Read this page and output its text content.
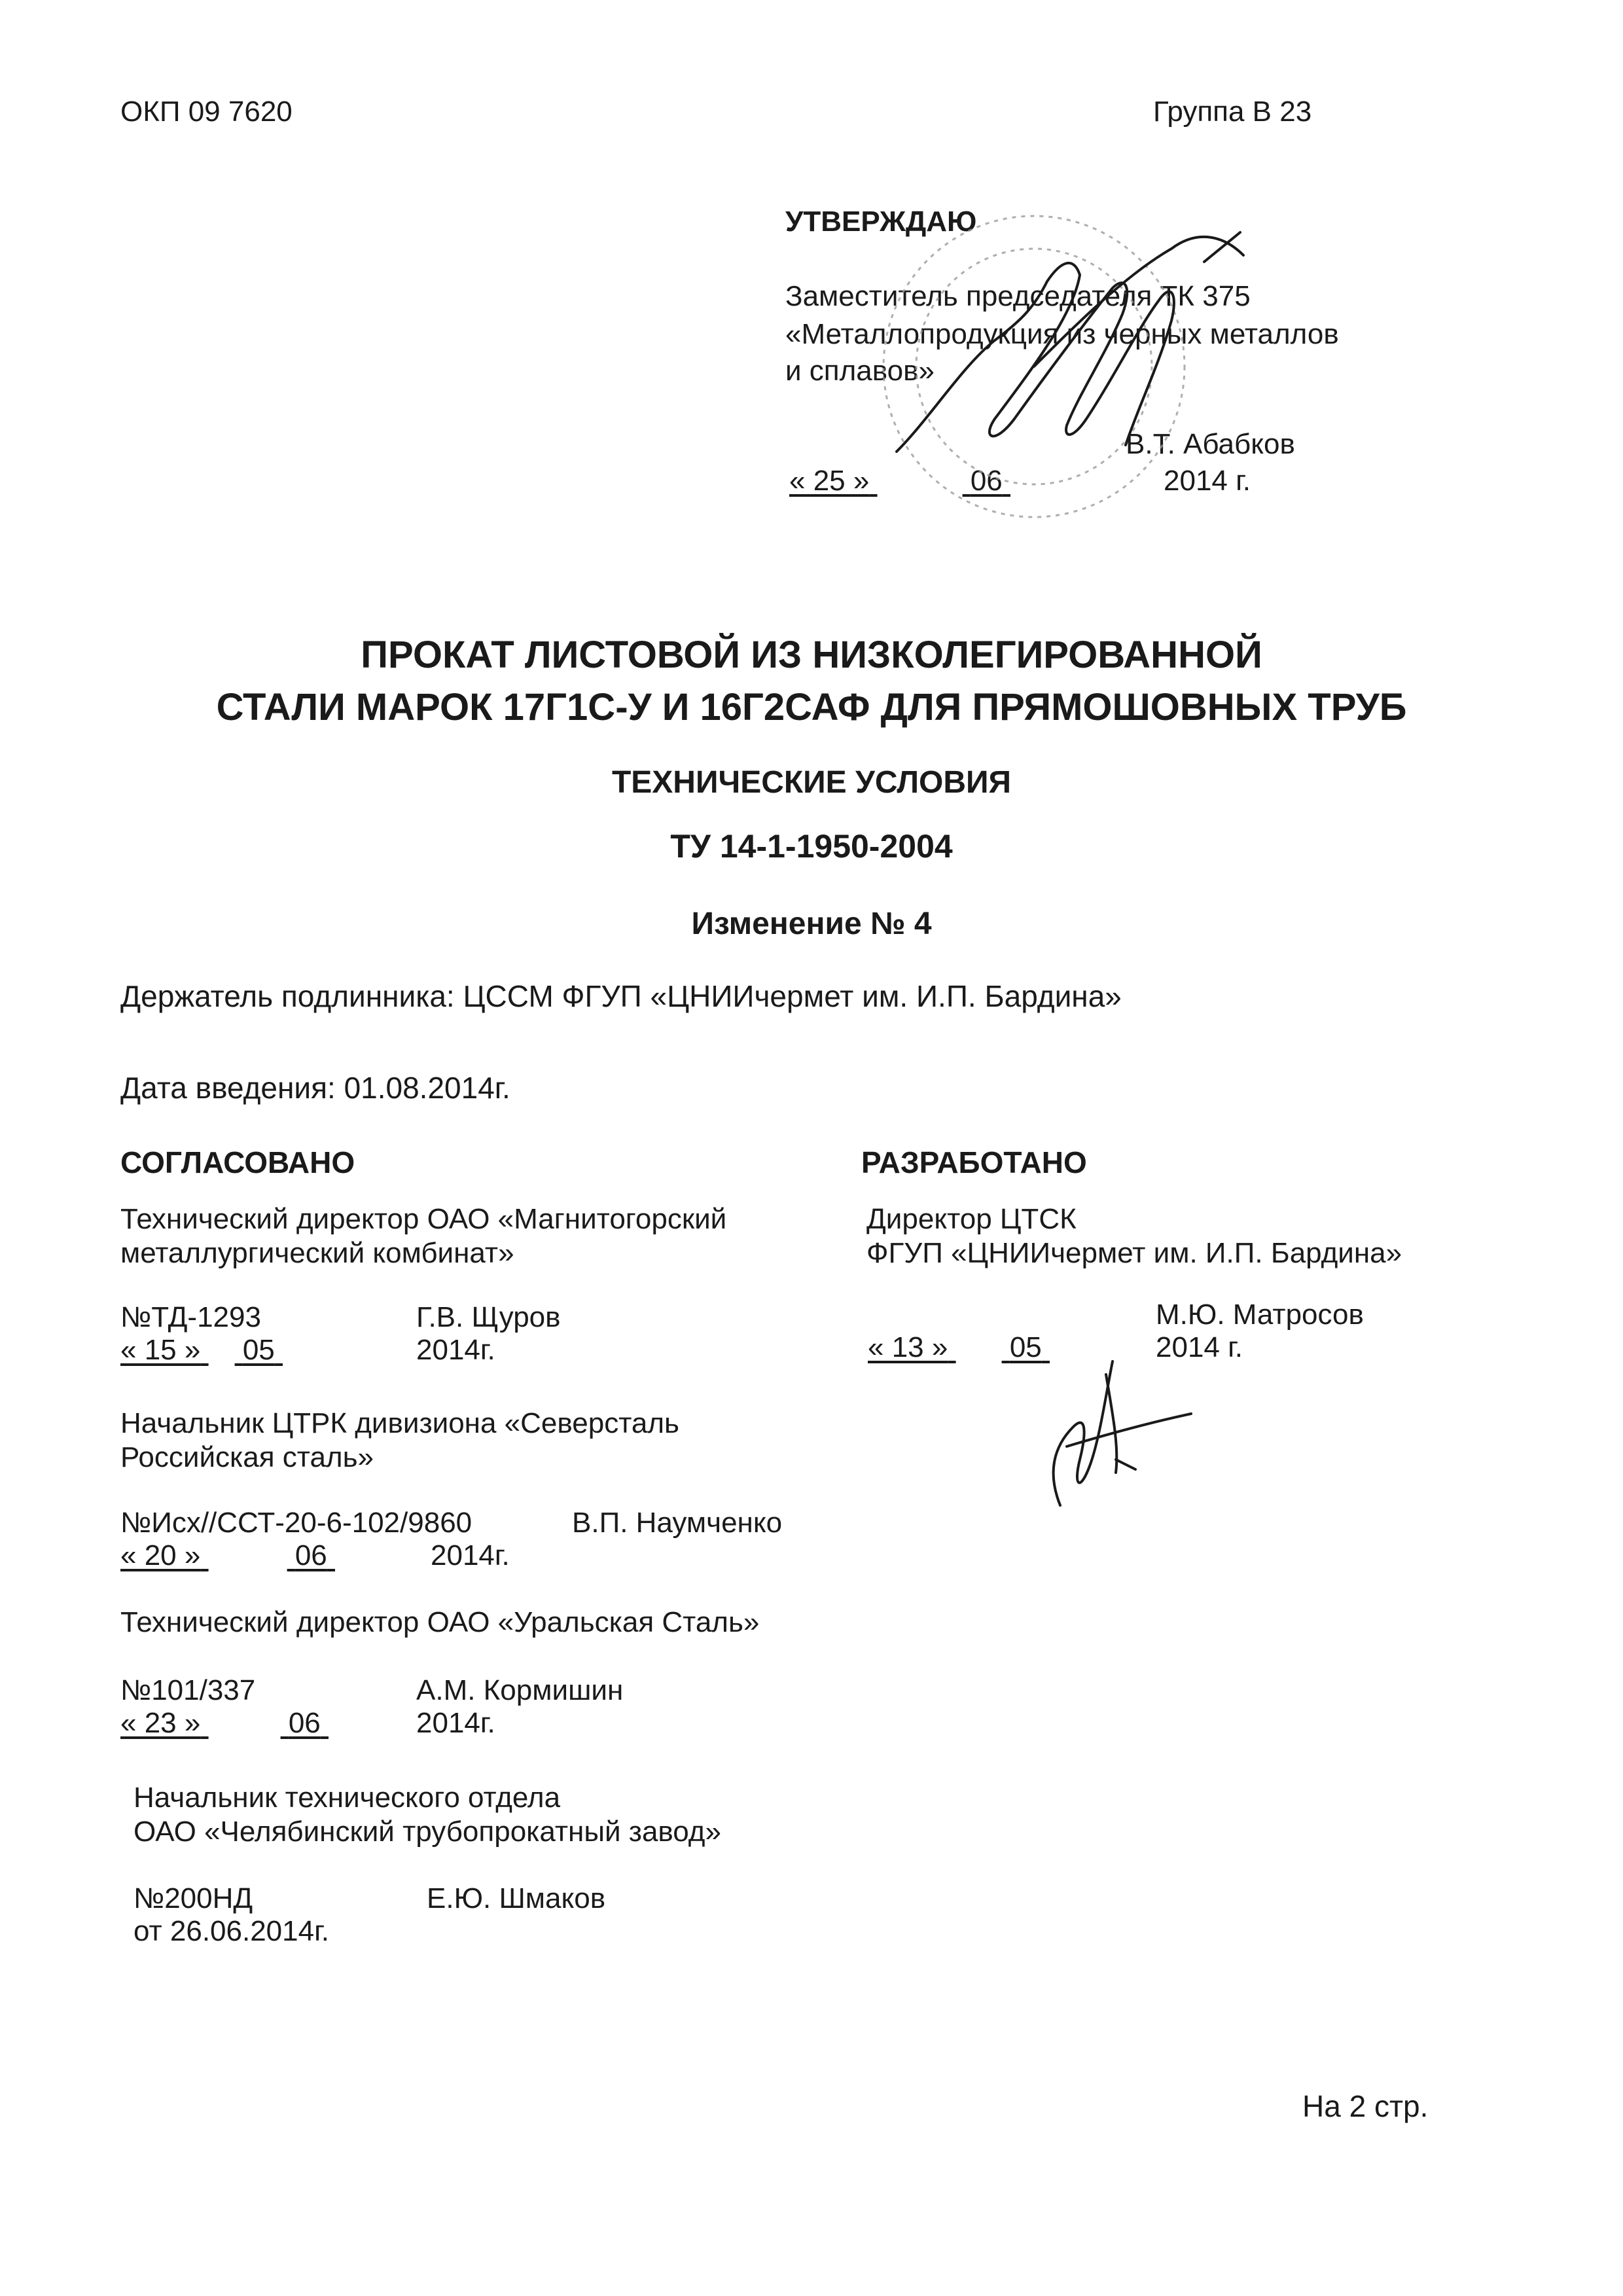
ОКП 09 7620	Группа В 23
УТВЕРЖДАЮ
Заместитель председателя ТК 375
«Металлопродукция из черных металлов
и сплавов»
В.Т. Абабков
« 25 »	06	2014 г.
ПРОКАТ ЛИСТОВОЙ ИЗ НИЗКОЛЕГИРОВАННОЙ
СТАЛИ МАРОК 17Г1С-У И 16Г2САФ ДЛЯ ПРЯМОШОВНЫХ ТРУБ
ТЕХНИЧЕСКИЕ УСЛОВИЯ
ТУ 14-1-1950-2004
Изменение № 4
Держатель подлинника: ЦССМ ФГУП «ЦНИИчермет им. И.П. Бардина»
Дата введения: 01.08.2014г.
СОГЛАСОВАНО
Технический директор ОАО «Магнитогорский
металлургический комбинат»
№ТД-1293	Г.В. Щуров
« 15 » 05	2014г.
Начальник ЦТРК дивизиона «Северсталь
Российская сталь»
№Исх//ССТ-20-6-102/9860	В.П. Наумченко
« 20 »	06	2014г.
Технический директор ОАО «Уральская Сталь»
№101/337	А.М. Кормишин
« 23 »	06	2014г.
Начальник технического отдела
ОАО «Челябинский трубопрокатный завод»
№200НД	Е.Ю. Шмаков
от 26.06.2014г.
РАЗРАБОТАНО
Директор ЦТСК
ФГУП «ЦНИИчермет им. И.П. Бардина»
М.Ю. Матросов
« 13 » 05	2014 г.
На 2 стр.
